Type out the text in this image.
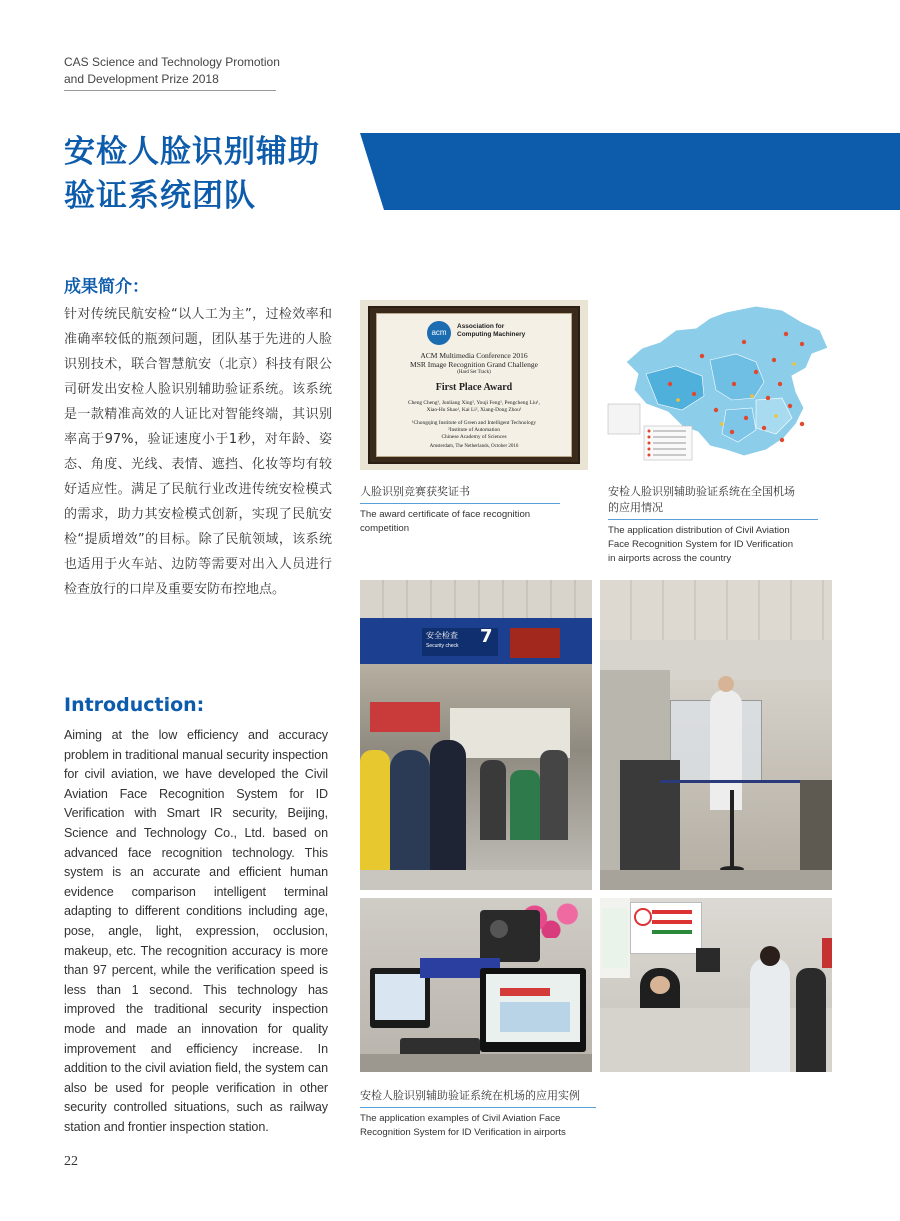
CAS Science and Technology Promotion
and Development Prize 2018
安检人脸识别辅助
验证系统团队
成果简介：
针对传统民航安检“以人工为主”，过检效率和准确率较低的瓶颈问题，团队基于先进的人脸识别技术，联合智慧航安（北京）科技有限公司研发出安检人脸识别辅助验证系统。该系统是一款精准高效的人证比对智能终端，其识别率高于97%，验证速度小于1秒，对年龄、姿态、角度、光线、表情、遮挡、化妆等均有较好适应性。满足了民航行业改进传统安检模式的需求，助力其安检模式创新，实现了民航安检“提质增效”的目标。除了民航领域，该系统也适用于火车站、边防等需要对出入人员进行检查放行的口岸及重要安防布控地点。
Introduction:
Aiming at the low efficiency and accuracy problem in traditional manual security inspection for civil aviation, we have developed the Civil Aviation Face Recognition System for ID Verification with Smart IR security, Beijing, Science and Technology Co., Ltd. based on advanced face recognition technology. This system is an accurate and efficient human evidence comparison intelligent terminal adapting to different conditions including age, pose, angle, light, expression, occlusion, makeup, etc. The recognition accuracy is more than 97 percent, while the verification speed is less than 1 second. This technology has improved the traditional security inspection mode and made an innovation for quality improvement and efficiency increase. In addition to the civil aviation field, the system can also be used for people verification in other security controlled situations, such as railway station and frontier inspection station.
acm
Association for
Computing Machinery
ACM Multimedia Conference 2016
MSR Image Recognition Grand Challenge
(Hard Set Track)
First Place Award
Cheng Cheng¹, Junliang Xing², Youji Feng¹, Pengcheng Liu¹,
Xiao-Hu Shao¹, Kai Li², Xiang-Dong Zhou¹
¹Chongqing Institute of Green and Intelligent Technology
²Institute of Automation
Chinese Academy of Sciences
Amsterdam, The Netherlands, October 2016
人脸识别竞赛获奖证书
The award certificate of face recognition
competition
安检人脸识别辅助验证系统在全国机场
的应用情况
The application distribution of Civil Aviation
Face Recognition System for ID Verification
in airports across the country
安全检查
Security check	7
安检人脸识别辅助验证系统在机场的应用实例
The application examples of Civil Aviation Face
Recognition System for ID Verification in airports
22
